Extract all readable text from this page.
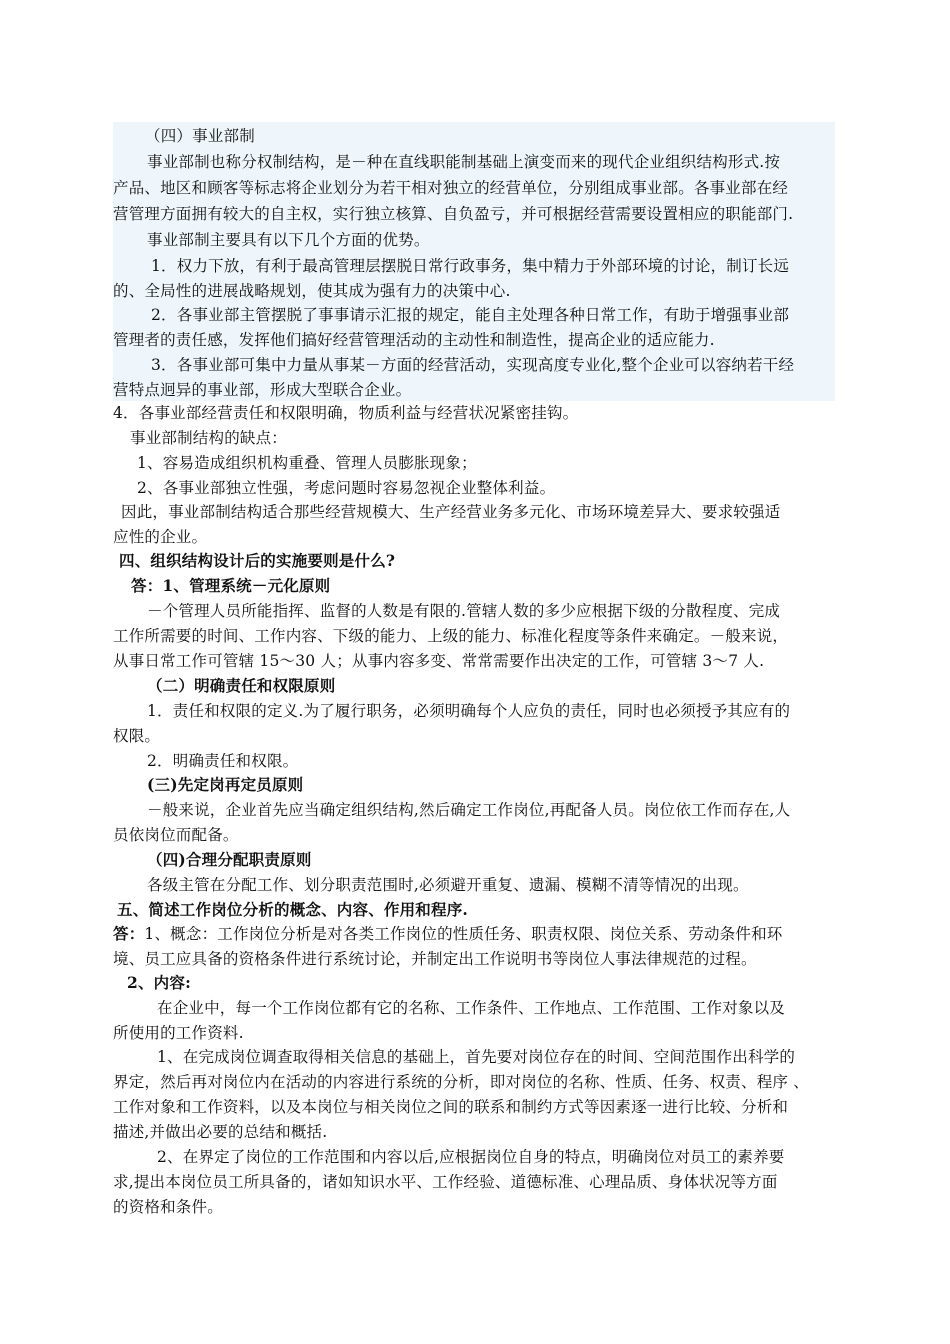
（四）事业部制
事业部制也称分权制结构，是－种在直线职能制基础上演变而来的现代企业组织结构形式.按
产品、地区和顾客等标志将企业划分为若干相对独立的经营单位，分别组成事业部。各事业部在经
营管理方面拥有较大的自主权，实行独立核算、自负盈亏，并可根据经营需要设置相应的职能部门.
事业部制主要具有以下几个方面的优势。
1．权力下放，有利于最高管理层摆脱日常行政事务，集中精力于外部环境的讨论，制订长远
的、全局性的进展战略规划，使其成为强有力的决策中心.
2．各事业部主管摆脱了事事请示汇报的规定，能自主处理各种日常工作，有助于增强事业部
管理者的责任感，发挥他们搞好经营管理活动的主动性和制造性，提高企业的适应能力.
3．各事业部可集中力量从事某－方面的经营活动，实现高度专业化,整个企业可以容纳若干经
营特点迥异的事业部，形成大型联合企业。
4．各事业部经营责任和权限明确，物质利益与经营状况紧密挂钩。
事业部制结构的缺点：
1、容易造成组织机构重叠、管理人员膨胀现象；
2、各事业部独立性强，考虑问题时容易忽视企业整体利益。
因此，事业部制结构适合那些经营规模大、生产经营业务多元化、市场环境差异大、要求较强适
应性的企业。
四、组织结构设计后的实施要则是什么?
答：1、管理系统－元化原则
－个管理人员所能指挥、监督的人数是有限的.管辖人数的多少应根据下级的分散程度、完成
工作所需要的时间、工作内容、下级的能力、上级的能力、标准化程度等条件来确定。－般来说，
从事日常工作可管辖 15～30 人；从事内容多变、常常需要作出决定的工作，可管辖 3～7 人.
（二）明确责任和权限原则
1．责任和权限的定义.为了履行职务，必须明确每个人应负的责任，同时也必须授予其应有的
权限。
2．明确责任和权限。
(三)先定岗再定员原则
－般来说，企业首先应当确定组织结构,然后确定工作岗位,再配备人员。岗位依工作而存在,人
员依岗位而配备。
（四)合理分配职责原则
各级主管在分配工作、划分职责范围时,必须避开重复、遗漏、模糊不清等情况的出现。
五、简述工作岗位分析的概念、内容、作用和程序.
答：1、概念：工作岗位分析是对各类工作岗位的性质任务、职责权限、岗位关系、劳动条件和环
境、员工应具备的资格条件进行系统讨论，并制定出工作说明书等岗位人事法律规范的过程。
2、内容:
在企业中，每一个工作岗位都有它的名称、工作条件、工作地点、工作范围、工作对象以及
所使用的工作资料.
1、在完成岗位调查取得相关信息的基础上，首先要对岗位存在的时间、空间范围作出科学的
界定，然后再对岗位内在活动的内容进行系统的分析，即对岗位的名称、性质、任务、权责、程序 、
工作对象和工作资料，以及本岗位与相关岗位之间的联系和制约方式等因素逐一进行比较、分析和
描述,并做出必要的总结和概括.
2、在界定了岗位的工作范围和内容以后,应根据岗位自身的特点，明确岗位对员工的素养要
求,提出本岗位员工所具备的，诸如知识水平、工作经验、道德标准、心理品质、身体状况等方面
的资格和条件。
